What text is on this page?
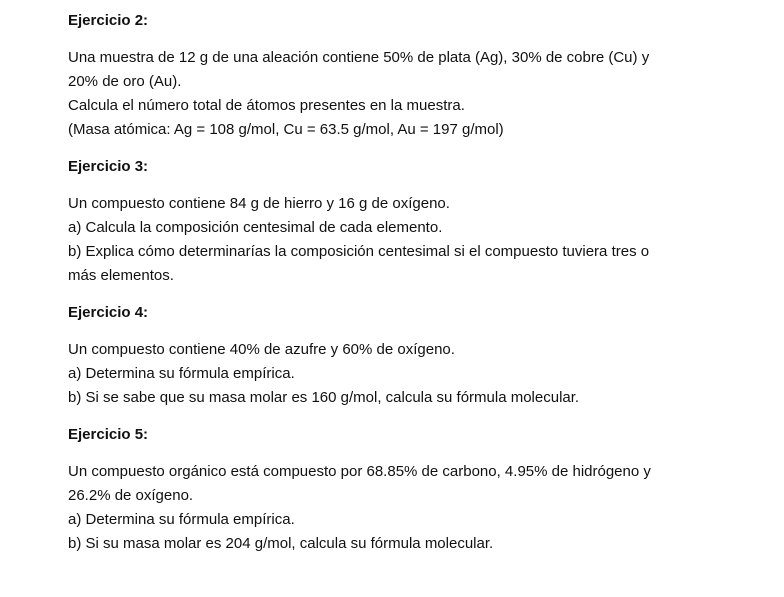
Ejercicio 2:
Una muestra de 12 g de una aleación contiene 50% de plata (Ag), 30% de cobre (Cu) y
20% de oro (Au).
Calcula el número total de átomos presentes en la muestra.
(Masa atómica: Ag = 108 g/mol, Cu = 63.5 g/mol, Au = 197 g/mol)
Ejercicio 3:
Un compuesto contiene 84 g de hierro y 16 g de oxígeno.
a) Calcula la composición centesimal de cada elemento.
b) Explica cómo determinarías la composición centesimal si el compuesto tuviera tres o
más elementos.
Ejercicio 4:
Un compuesto contiene 40% de azufre y 60% de oxígeno.
a) Determina su fórmula empírica.
b) Si se sabe que su masa molar es 160 g/mol, calcula su fórmula molecular.
Ejercicio 5:
Un compuesto orgánico está compuesto por 68.85% de carbono, 4.95% de hidrógeno y
26.2% de oxígeno.
a) Determina su fórmula empírica.
b) Si su masa molar es 204 g/mol, calcula su fórmula molecular.
